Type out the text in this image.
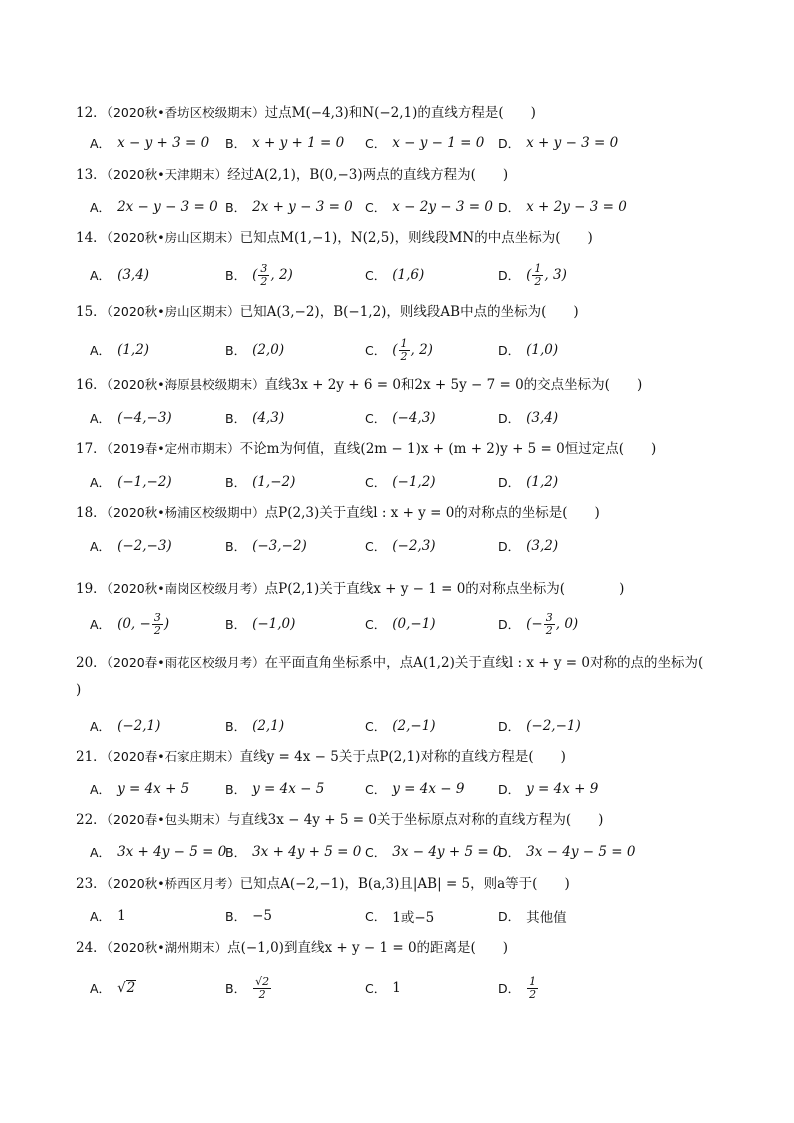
12．（2020秋•香坊区校级期末）过点M(−4,3)和N(−2,1)的直线方程是(　　)
A． x − y + 3 = 0 B． x + y + 1 = 0 C． x − y − 1 = 0 D． x + y − 3 = 0
13．（2020秋•天津期末）经过A(2,1)，B(0,−3)两点的直线方程为(　　)
A． 2x − y − 3 = 0 B． 2x + y − 3 = 0 C． x − 2y − 3 = 0 D． x + 2y − 3 = 0
14．（2020秋•房山区期末）已知点M(1,−1)，N(2,5)，则线段MN的中点坐标为(　　)
A． (3,4)	B． ( $\frac{3}{2}$ , 2)	C． (1,6)	D． ( $\frac{1}{2}$ , 3)
15．（2020秋•房山区期末）已知A(3,−2)，B(−1,2)，则线段AB中点的坐标为(　　)
A． (1,2)	B． (2,0)	C． ( $\frac{1}{2}$ , 2)	D． (1,0)
16．（2020秋•海原县校级期末）直线3x + 2y + 6 = 0和2x + 5y − 7 = 0的交点坐标为(　　)
A． (−4,−3)	B． (4,3)	C． (−4,3)	D． (3,4)
17．（2019春•定州市期末）不论m为何值，直线(2m − 1)x + (m + 2)y + 5 = 0恒过定点(　　)
A． (−1,−2)	B． (1,−2)	C． (−1,2)	D． (1,2)
18．（2020秋•杨浦区校级期中）点P(2,3)关于直线l : x + y = 0的对称点的坐标是(　　)
A． (−2,−3)	B． (−3,−2)	C． (−2,3)	D． (3,2)
19．（2020秋•南岗区校级月考）点P(2,1)关于直线x + y − 1 = 0的对称点坐标为(　　　　)
A． (0, − $\frac{3}{2}$ )	B． (−1,0)	C． (0,−1)	D． (− $\frac{3}{2}$ , 0)
20．（2020春•雨花区校级月考）在平面直角坐标系中，点A(1,2)关于直线l : x + y = 0对称的点的坐标为(
)
A． (−2,1)	B． (2,1)	C． (2,−1)	D． (−2,−1)
21．（2020春•石家庄期末）直线y = 4x − 5关于点P(2,1)对称的直线方程是(　　)
A． y = 4x + 5	B． y = 4x − 5	C． y = 4x − 9	D． y = 4x + 9
22．（2020春•包头期末）与直线3x − 4y + 5 = 0关于坐标原点对称的直线方程为(　　)
A． 3x + 4y − 5 = 0
B． 3x + 4y + 5 = 0 C． 3x − 4y + 5 = 0
D． 3x − 4y − 5 = 0
23．（2020秋•桥西区月考）已知点A(−2,−1)，B(a,3)且|AB| = 5，则a等于(　　)
A． 1	B． −5	C． 1或−5	D． 其他值
24．（2020秋•湖州期末）点(−1,0)到直线x + y − 1 = 0的距离是(　　)
A． √ 2	B． $\frac{√2}{2}$	C． 1	D． $\frac{1}{2}$
